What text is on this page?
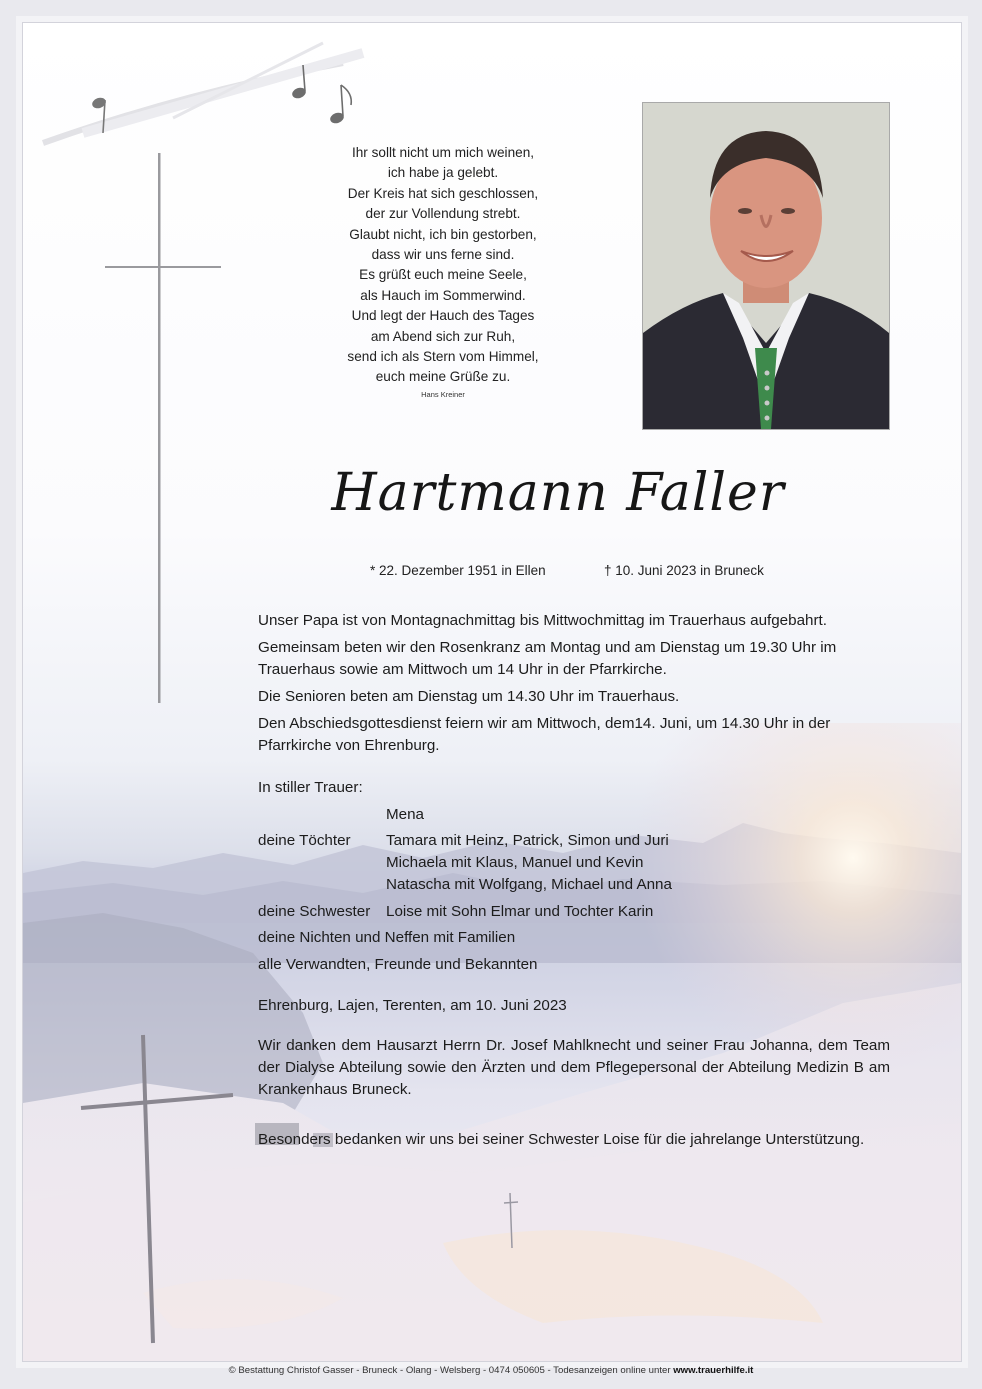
Ihr sollt nicht um mich weinen,
ich habe ja gelebt.
Der Kreis hat sich geschlossen,
der zur Vollendung strebt.
Glaubt nicht, ich bin gestorben,
dass wir uns ferne sind.
Es grüßt euch meine Seele,
als Hauch im Sommerwind.
Und legt der Hauch des Tages
am Abend sich zur Ruh,
send ich als Stern vom Himmel,
euch meine Grüße zu.
Hans Kreiner
Hartmann Faller
* 22. Dezember 1951 in Ellen	† 10. Juni 2023 in Bruneck

Unser Papa ist von Montagnachmittag bis Mittwochmittag im Trauerhaus aufgebahrt.

Gemeinsam beten wir den Rosenkranz am Montag und am Dienstag um 19.30 Uhr im Trauerhaus sowie am Mittwoch um 14 Uhr in der Pfarrkirche.

Die Senioren beten am Dienstag um 14.30 Uhr im Trauerhaus.

Den Abschiedsgottesdienst feiern wir am Mittwoch, dem14. Juni, um 14.30 Uhr in der Pfarrkirche von Ehrenburg.

In stiller Trauer:
Mena
deine Töchter	Tamara mit Heinz, Patrick, Simon und Juri
Michaela mit Klaus, Manuel und Kevin
Natascha mit Wolfgang, Michael und Anna
deine Schwester	Loise mit Sohn Elmar und Tochter Karin
deine Nichten und Neffen mit Familien
alle Verwandten, Freunde und Bekannten

Ehrenburg, Lajen, Terenten, am 10. Juni 2023

Wir danken dem Hausarzt Herrn Dr. Josef Mahlknecht und seiner Frau Johanna, dem Team der Dialyse Abteilung sowie den Ärzten und dem Pflegepersonal der Abteilung Medizin B am Krankenhaus Bruneck.

Besonders bedanken wir uns bei seiner Schwester Loise für die jahrelange Unterstützung.

© Bestattung Christof Gasser - Bruneck - Olang - Welsberg - 0474 050605 - Todesanzeigen online unter www.trauerhilfe.it
